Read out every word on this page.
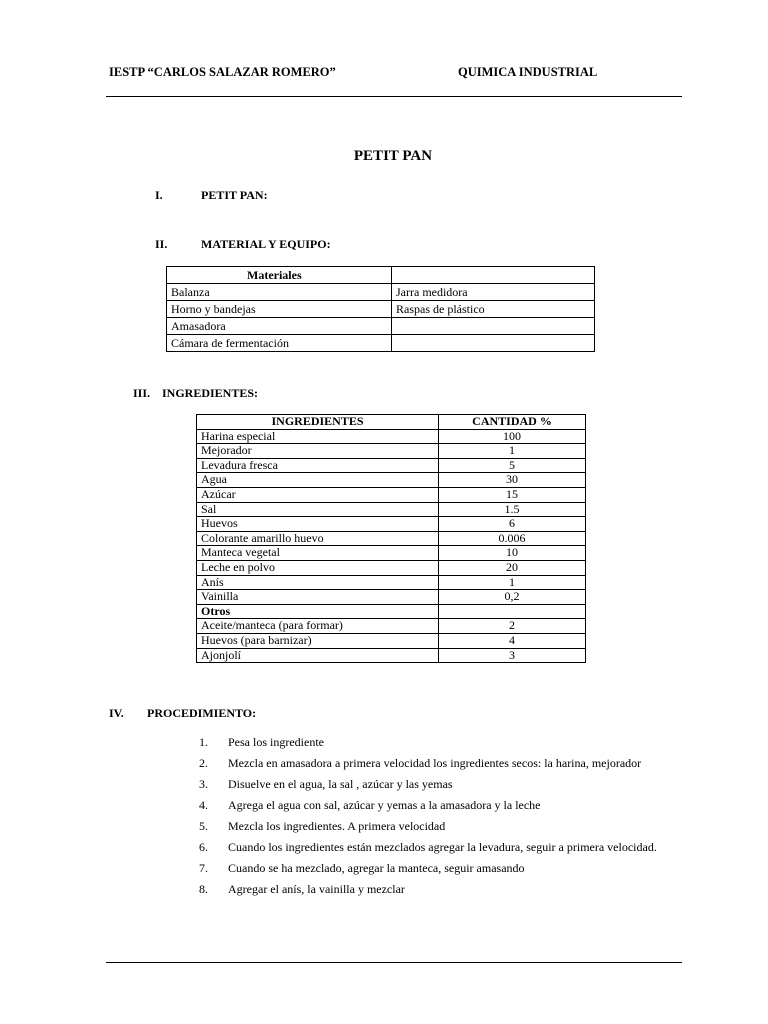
IESTP “CARLOS SALAZAR ROMERO”	QUIMICA INDUSTRIAL
PETIT PAN
I.	PETIT PAN:
II.	MATERIAL Y EQUIPO:
Materiales	
Balanza	Jarra medidora
Horno y bandejas	Raspas de plástico
Amasadora	
Cámara de fermentación	
III. INGREDIENTES:
INGREDIENTES	CANTIDAD %
Harina especial	100
Mejorador	1
Levadura fresca	5
Agua	30
Azúcar	15
Sal	1.5
Huevos	6
Colorante amarillo huevo	0.006
Manteca vegetal	10
Leche en polvo	20
Anís	1
Vainilla	0,2
Otros	
Aceite/manteca (para formar)	2
Huevos (para barnizar)	4
Ajonjolí	3
IV. PROCEDIMIENTO:
1. Pesa los ingrediente
2. Mezcla en amasadora a primera velocidad los ingredientes secos: la harina, mejorador
3. Disuelve en el agua, la sal , azúcar y las yemas
4. Agrega el agua con sal, azúcar y yemas a la amasadora y la leche
5. Mezcla los ingredientes. A primera velocidad
6. Cuando los ingredientes están mezclados agregar la levadura, seguir a primera velocidad.
7. Cuando se ha mezclado, agregar la manteca, seguir amasando
8. Agregar el anís, la vainilla y mezclar
